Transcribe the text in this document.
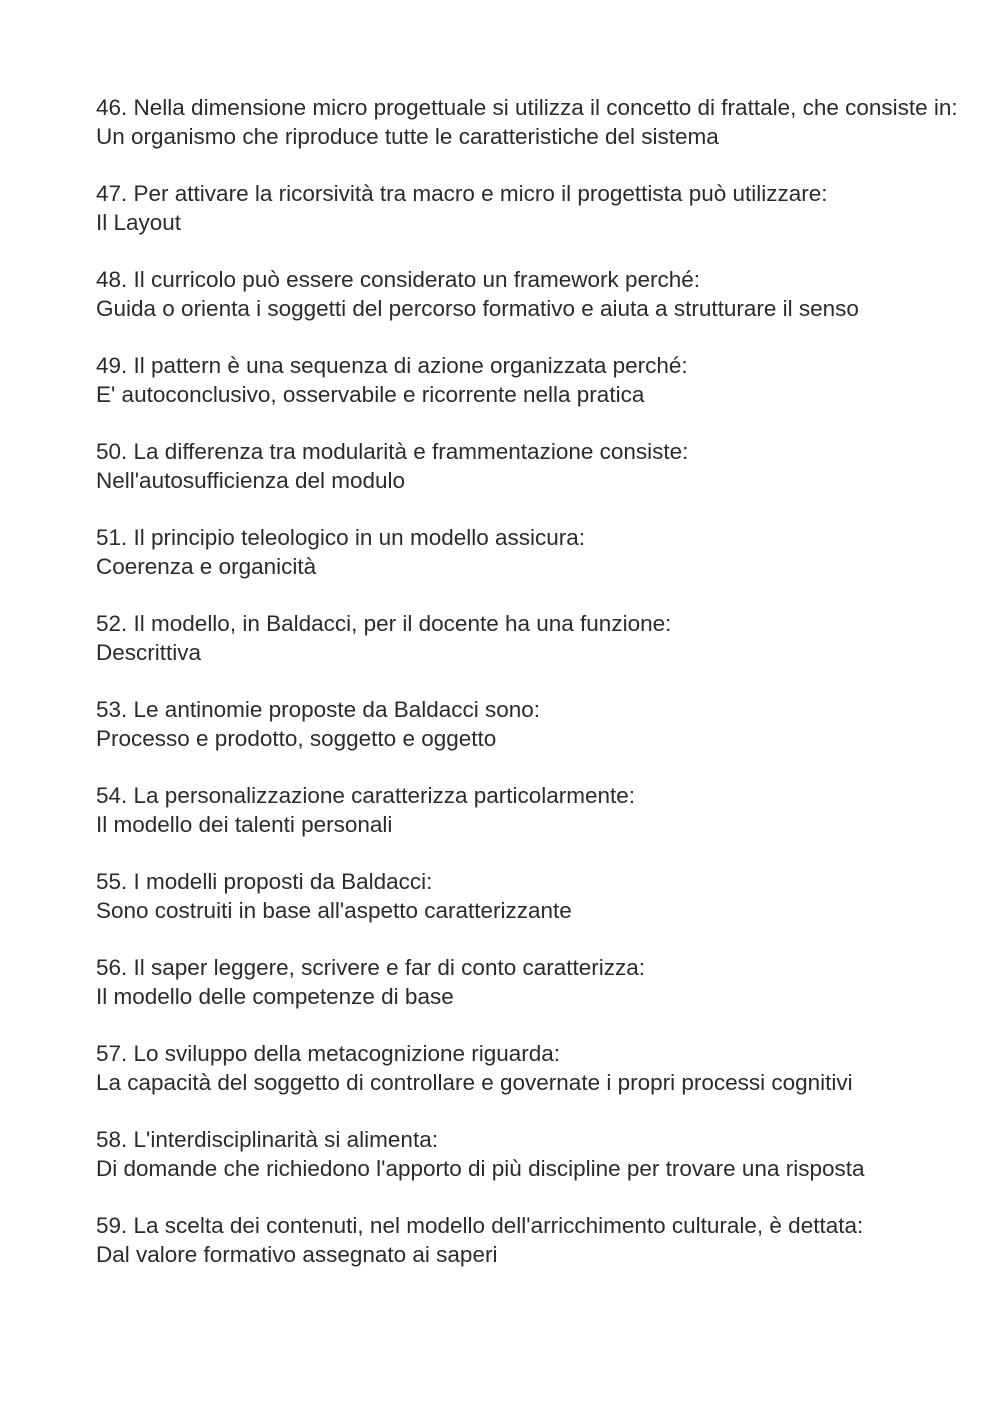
46. Nella dimensione micro progettuale si utilizza il concetto di frattale, che consiste in:
Un organismo che riproduce tutte le caratteristiche del sistema
47. Per attivare la ricorsività tra macro e micro il progettista può utilizzare:
Il Layout
48. Il curricolo può essere considerato un framework perché:
Guida o orienta i soggetti del percorso formativo e aiuta a strutturare il senso
49. Il pattern è una sequenza di azione organizzata perché:
E' autoconclusivo, osservabile e ricorrente nella pratica
50. La differenza tra modularità e frammentazione consiste:
Nell'autosufficienza del modulo
51. Il principio teleologico in un modello assicura:
Coerenza e organicità
52. Il modello, in Baldacci, per il docente ha una funzione:
Descrittiva
53. Le antinomie proposte da Baldacci sono:
Processo e prodotto, soggetto e oggetto
54. La personalizzazione caratterizza particolarmente:
Il modello dei talenti personali
55. I modelli proposti da Baldacci:
Sono costruiti in base all'aspetto caratterizzante
56. Il saper leggere, scrivere e far di conto caratterizza:
Il modello delle competenze di base
57. Lo sviluppo della metacognizione riguarda:
La capacità del soggetto di controllare e governate i propri processi cognitivi
58. L'interdisciplinarità si alimenta:
Di domande che richiedono l'apporto di più discipline per trovare una risposta
59. La scelta dei contenuti, nel modello dell'arricchimento culturale, è dettata:
Dal valore formativo assegnato ai saperi
